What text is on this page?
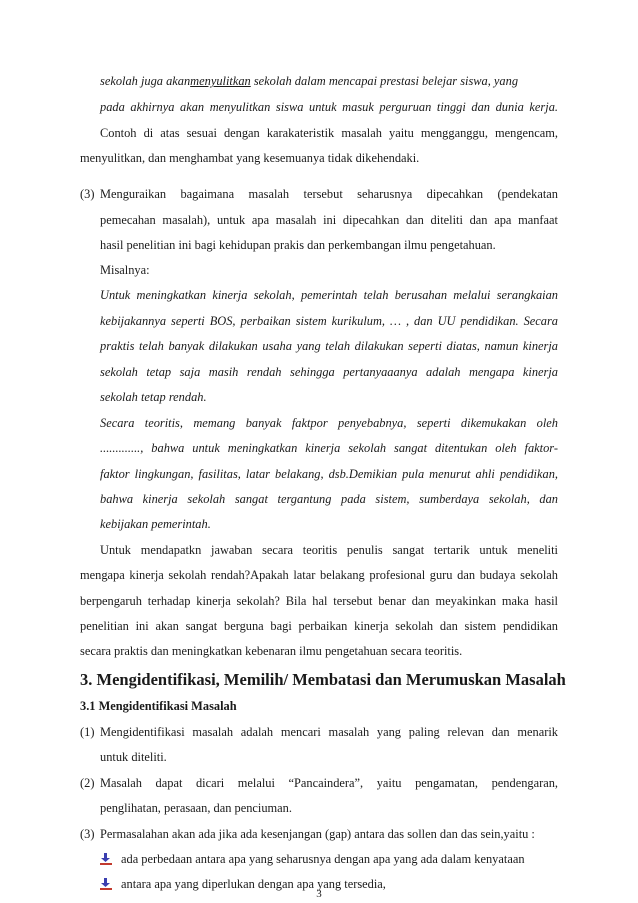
sekolah juga akanmenyulitkan sekolah dalam mencapai prestasi belejar siswa, yang
pada akhirnya akan menyulitkan siswa untuk masuk perguruan tinggi dan dunia kerja.
Contoh di atas sesuai dengan karakateristik masalah yaitu mengganggu, mengencam,
menyulitkan, dan menghambat yang kesemuanya tidak dikehendaki.
(3) Menguraikan bagaimana masalah tersebut seharusnya dipecahkan (pendekatan
pemecahan masalah), untuk apa masalah ini dipecahkan dan diteliti dan apa manfaat
hasil penelitian ini bagi kehidupan prakis dan perkembangan ilmu pengetahuan.
Misalnya:
Untuk meningkatkan kinerja sekolah, pemerintah telah berusahan melalui serangkaian
kebijakannya seperti BOS, perbaikan sistem kurikulum, … , dan UU pendidikan. Secara
praktis telah banyak dilakukan usaha yang telah dilakukan seperti diatas, namun kinerja
sekolah tetap saja masih rendah sehingga pertanyaaanya adalah mengapa kinerja
sekolah tetap rendah.
Secara teoritis, memang banyak faktpor penyebabnya, seperti dikemukakan oleh
............., bahwa untuk meningkatkan kinerja sekolah sangat ditentukan oleh faktor-
faktor lingkungan, fasilitas, latar belakang, dsb.Demikian pula menurut ahli pendidikan,
bahwa kinerja sekolah sangat tergantung pada sistem, sumberdaya sekolah, dan
kebijakan pemerintah.
Untuk mendapatkn jawaban secara teoritis penulis sangat tertarik untuk meneliti
mengapa kinerja sekolah rendah?Apakah latar belakang profesional guru dan budaya sekolah
berpengaruh terhadap kinerja sekolah? Bila hal tersebut benar dan meyakinkan maka hasil
penelitian ini akan sangat berguna bagi perbaikan kinerja sekolah dan sistem pendidikan
secara praktis dan meningkatkan kebenaran ilmu pengetahuan secara teoritis.
3. Mengidentifikasi, Memilih/ Membatasi dan Merumuskan Masalah
3.1 Mengidentifikasi Masalah
(1) Mengidentifikasi masalah adalah mencari masalah yang paling relevan dan menarik
untuk diteliti.
(2) Masalah dapat dicari melalui “Pancaindera”, yaitu pengamatan, pendengaran,
penglihatan, perasaan, dan penciuman.
(3) Permasalahan akan ada jika ada kesenjangan (gap) antara das sollen dan das sein,yaitu :
ada perbedaan antara apa yang seharusnya dengan apa yang ada dalam kenyataan
antara apa yang diperlukan dengan apa yang tersedia,
3
